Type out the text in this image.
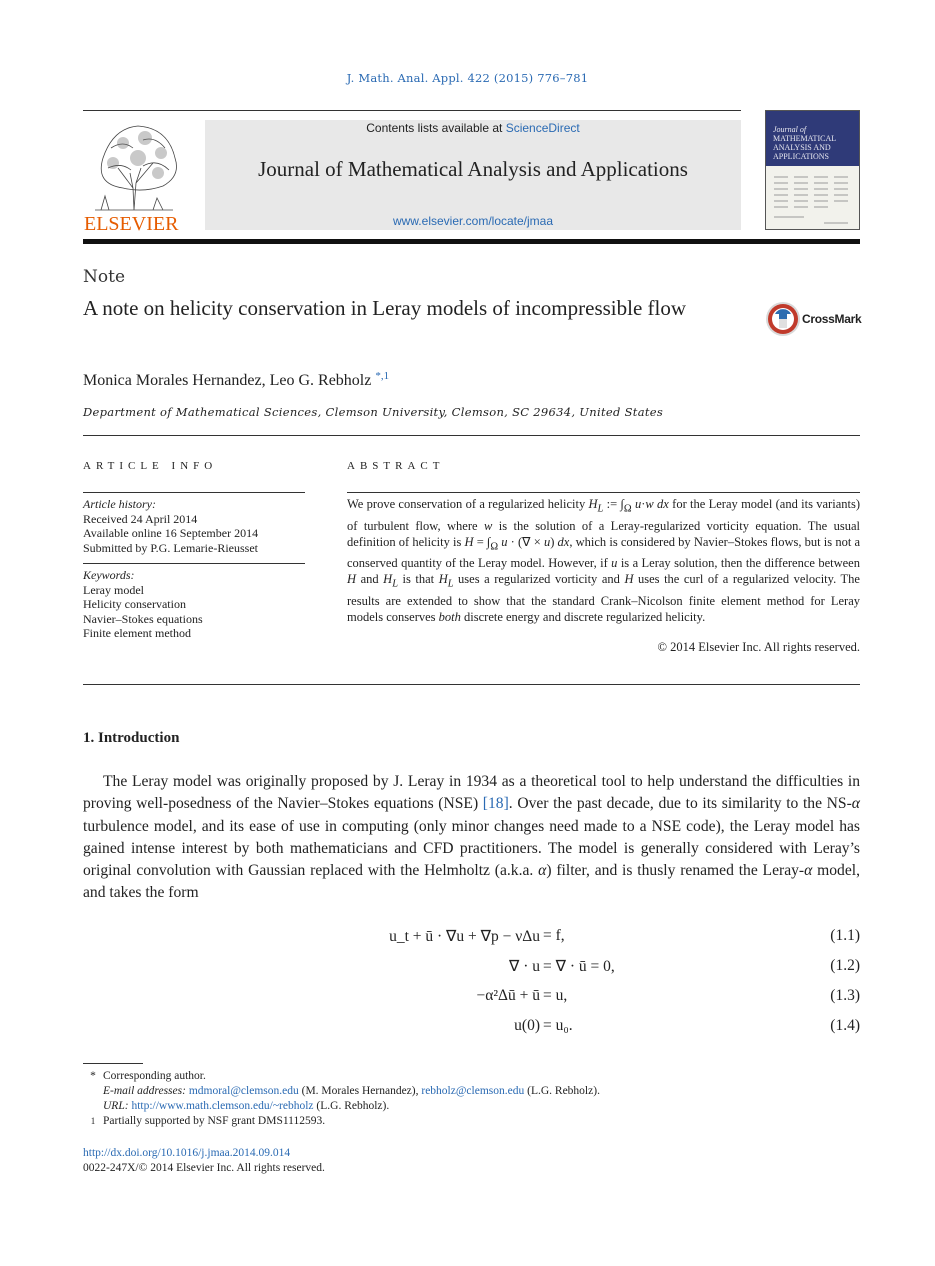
J. Math. Anal. Appl. 422 (2015) 776–781
ELSEVIER
Contents lists available at ScienceDirect
Journal of Mathematical Analysis and Applications
www.elsevier.com/locate/jmaa
Journal of
MATHEMATICAL
ANALYSIS AND
APPLICATIONS
Note
A note on helicity conservation in Leray models of incompressible flow	CrossMark
Monica Morales Hernandez, Leo G. Rebholz $^{*,1}$
Department of Mathematical Sciences, Clemson University, Clemson, SC 29634, United States
ARTICLE INFO	ABSTRACT
Article history:
Received 24 April 2014
Available online 16 September 2014
Submitted by P.G. Lemarie-Rieusset
Keywords:
Leray model
Helicity conservation
Navier–Stokes equations
Finite element method
We prove conservation of a regularized helicity $H_L$ := $\int_\Omega$ u·w dx for the Leray model (and its variants) of turbulent flow, where w is the solution of a Leray-regularized vorticity equation. The usual definition of helicity is $H = \int_\Omega$ u · (∇ × u) dx, which is considered by Navier–Stokes flows, but is not a conserved quantity of the Leray model. However, if u is a Leray solution, then the difference between H and $H_L$ is that $H_L$ uses a regularized vorticity and H uses the curl of a regularized velocity. The results are extended to show that the standard Crank–Nicolson finite element method for Leray models conserves both discrete energy and discrete regularized helicity.
© 2014 Elsevier Inc. All rights reserved.
1. Introduction
The Leray model was originally proposed by J. Leray in 1934 as a theoretical tool to help understand the difficulties in proving well-posedness of the Navier–Stokes equations (NSE) [18]. Over the past decade, due to its similarity to the NS-α turbulence model, and its ease of use in computing (only minor changes need made to a NSE code), the Leray model has gained intense interest by both mathematicians and CFD practitioners. The model is generally considered with Leray’s original convolution with Gaussian replaced with the Helmholtz (a.k.a. α) filter, and is thusly renamed the Leray-α model, and takes the form
u_t + ū · ∇u + ∇p − νΔu = f,	(1.1)
∇ · u = ∇ · ū = 0,	(1.2)
−α²Δū + ū = u,	(1.3)
u(0) = u₀.	(1.4)
* Corresponding author.
E-mail addresses: mdmoral@clemson.edu (M. Morales Hernandez), rebholz@clemson.edu (L.G. Rebholz).
URL: http://www.math.clemson.edu/~rebholz (L.G. Rebholz).
1 Partially supported by NSF grant DMS1112593.
http://dx.doi.org/10.1016/j.jmaa.2014.09.014
0022-247X/© 2014 Elsevier Inc. All rights reserved.
